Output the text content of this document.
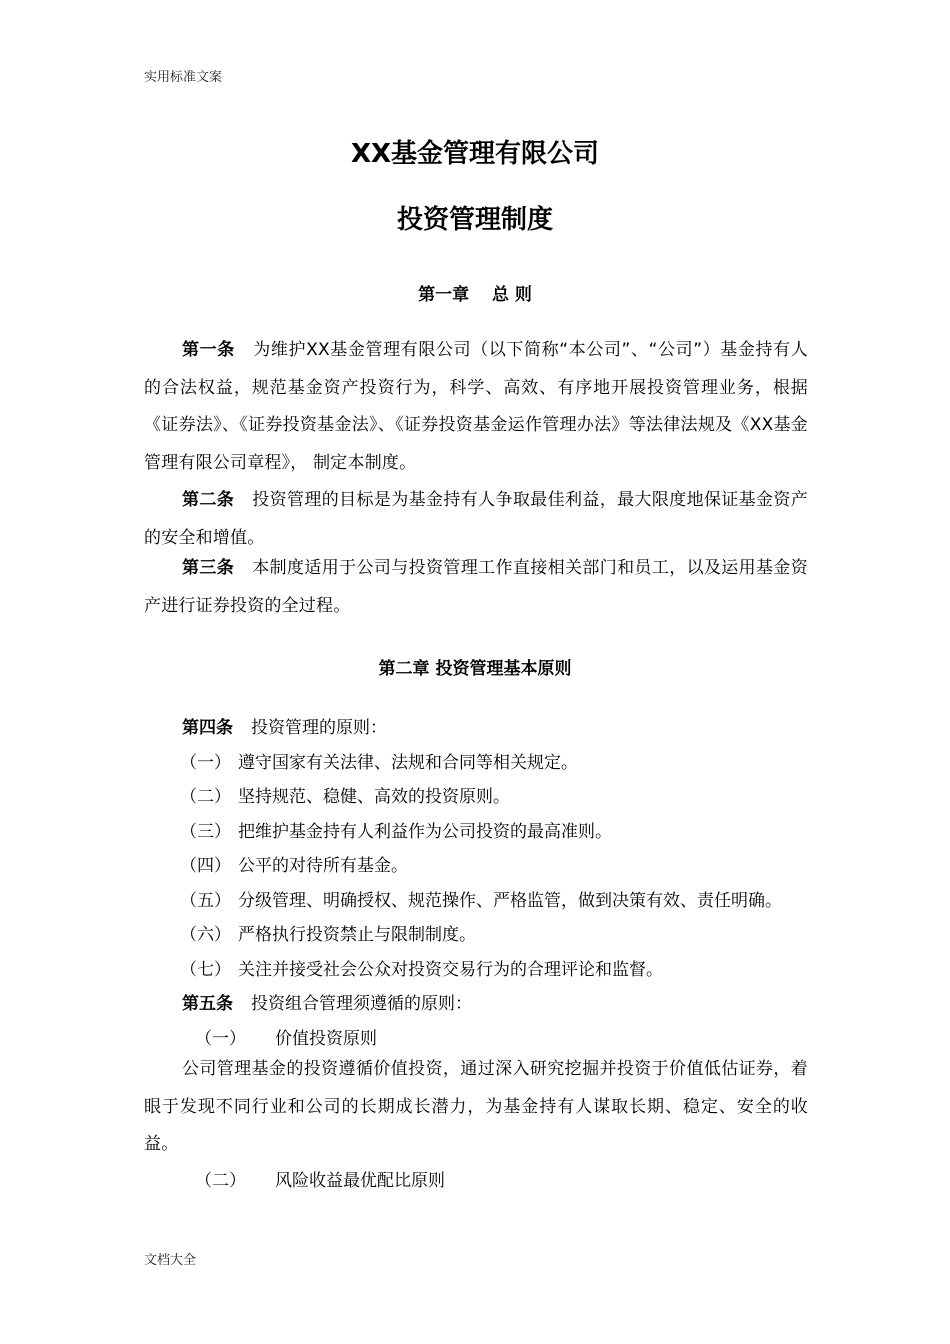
实用标准文案
XX基金管理有限公司
投资管理制度
第一章　 总 则
第一条 为维护XX基金管理有限公司（以下简称“本公司”、“公司”）基金持有人的合法权益，规范基金资产投资行为，科学、高效、有序地开展投资管理业务，根据《证券法》、《证券投资基金法》、《证券投资基金运作管理办法》等法律法规及《XX基金管理有限公司章程》， 制定本制度。
第二条 投资管理的目标是为基金持有人争取最佳利益，最大限度地保证基金资产的安全和增值。
第三条 本制度适用于公司与投资管理工作直接相关部门和员工，以及运用基金资产进行证券投资的全过程。
第二章 投资管理基本原则
第四条 投资管理的原则：
（一） 遵守国家有关法律、法规和合同等相关规定。
（二） 坚持规范、稳健、高效的投资原则。
（三） 把维护基金持有人利益作为公司投资的最高准则。
（四） 公平的对待所有基金。
（五） 分级管理、明确授权、规范操作、严格监管，做到决策有效、责任明确。
（六） 严格执行投资禁止与限制制度。
（七） 关注并接受社会公众对投资交易行为的合理评论和监督。
第五条 投资组合管理须遵循的原则：
（一） 价值投资原则
公司管理基金的投资遵循价值投资，通过深入研究挖掘并投资于价值低估证券，着眼于发现不同行业和公司的长期成长潜力，为基金持有人谋取长期、稳定、安全的收益。
（二） 风险收益最优配比原则
文档大全
